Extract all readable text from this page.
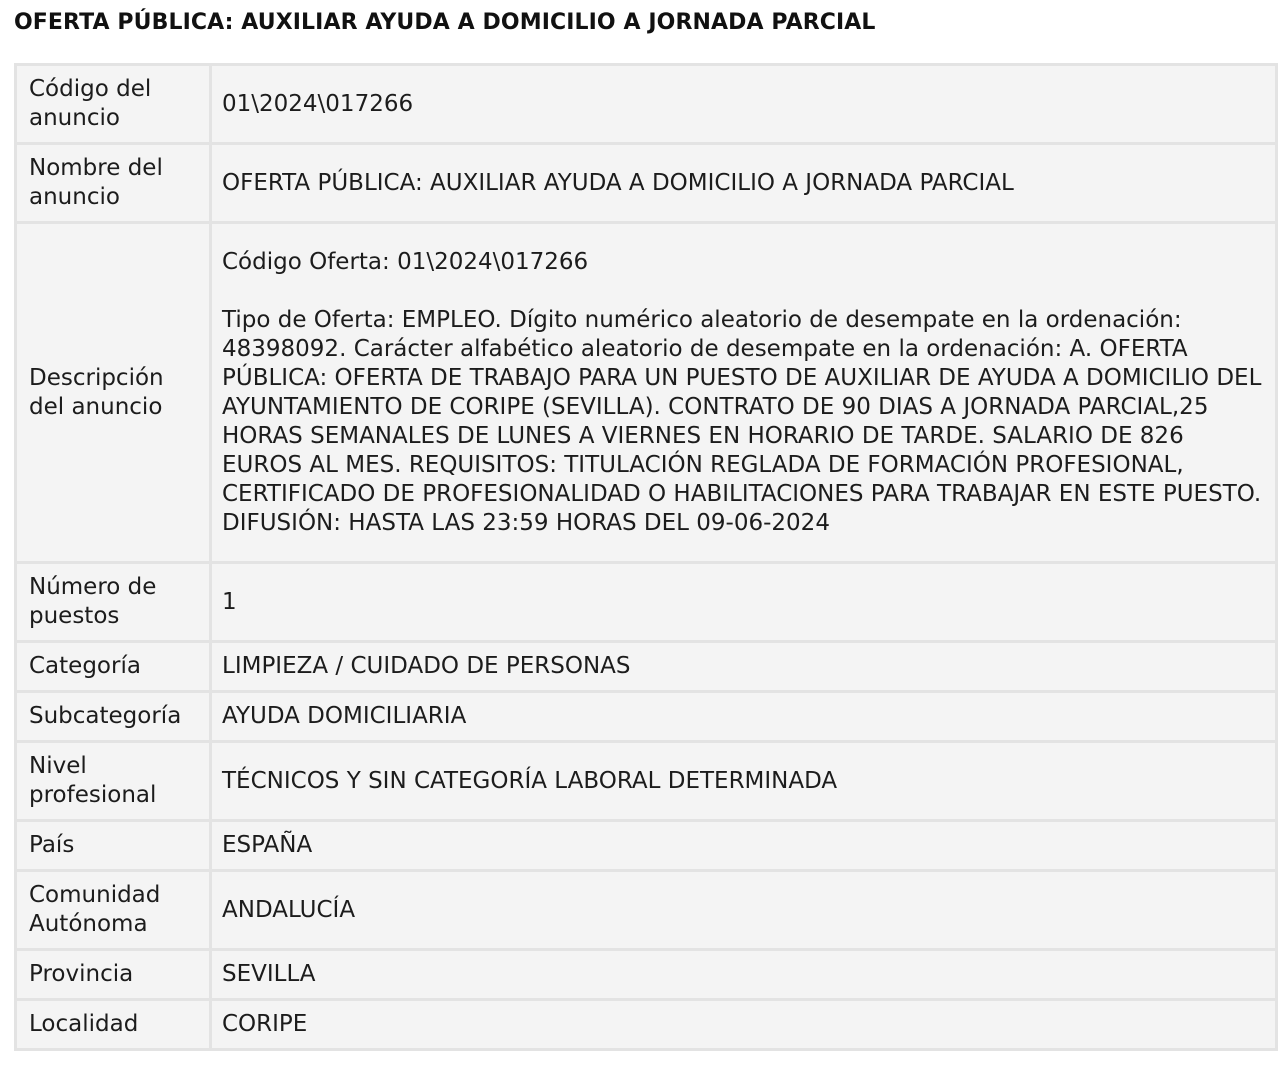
OFERTA PÚBLICA: AUXILIAR AYUDA A DOMICILIO A JORNADA PARCIAL
Código del anuncio	01\2024\017266
Nombre del anuncio	OFERTA PÚBLICA: AUXILIAR AYUDA A DOMICILIO A JORNADA PARCIAL
Descripción del anuncio	Código Oferta: 01\2024\017266
Tipo de Oferta: EMPLEO. Dígito numérico aleatorio de desempate en la ordenación: 48398092. Carácter alfabético aleatorio de desempate en la ordenación: A. OFERTA PÚBLICA: OFERTA DE TRABAJO PARA UN PUESTO DE AUXILIAR DE AYUDA A DOMICILIO DEL AYUNTAMIENTO DE CORIPE (SEVILLA). CONTRATO DE 90 DIAS A JORNADA PARCIAL,25 HORAS SEMANALES DE LUNES A VIERNES EN HORARIO DE TARDE. SALARIO DE 826 EUROS AL MES. REQUISITOS: TITULACIÓN REGLADA DE FORMACIÓN PROFESIONAL, CERTIFICADO DE PROFESIONALIDAD O HABILITACIONES PARA TRABAJAR EN ESTE PUESTO. DIFUSIÓN: HASTA LAS 23:59 HORAS DEL 09-06-2024

Número de puestos	1
Categoría	LIMPIEZA / CUIDADO DE PERSONAS
Subcategoría	AYUDA DOMICILIARIA
Nivel profesional	TÉCNICOS Y SIN CATEGORÍA LABORAL DETERMINADA
País	ESPAÑA
Comunidad Autónoma	ANDALUCÍA
Provincia	SEVILLA
Localidad	CORIPE
